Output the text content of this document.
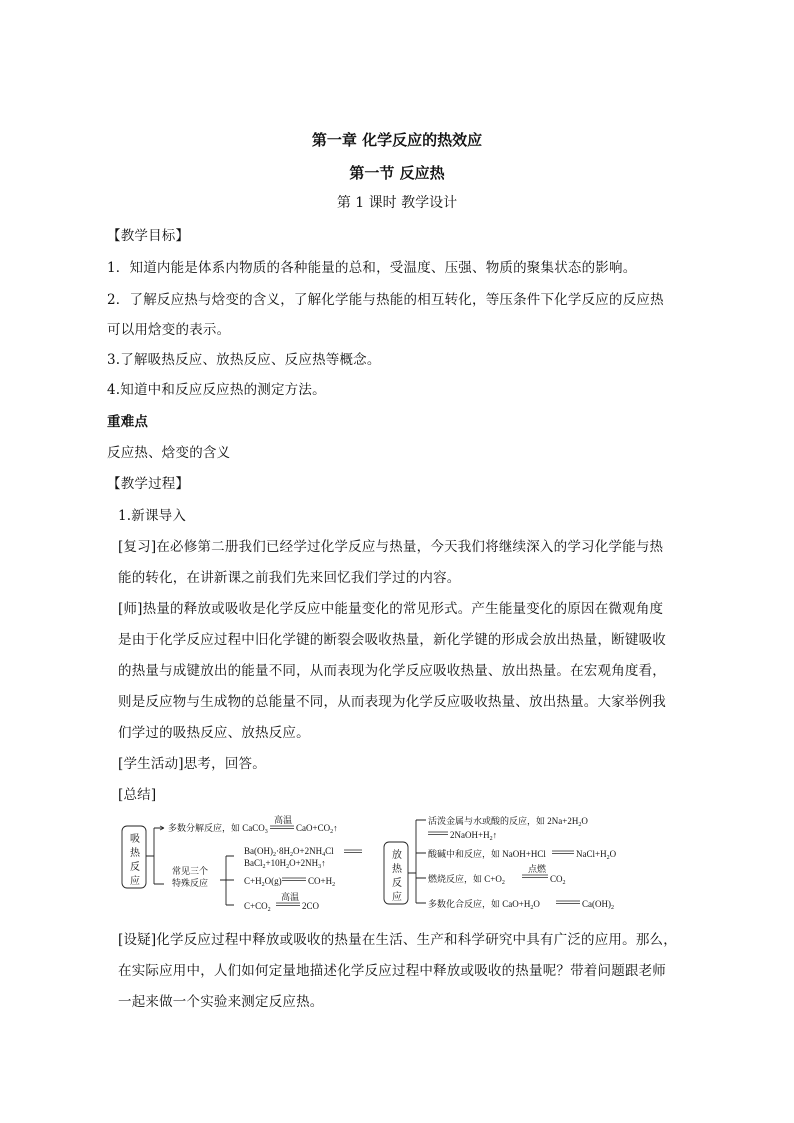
第一章 化学反应的热效应
第一节 反应热
第 1 课时 教学设计
【教学目标】
1．知道内能是体系内物质的各种能量的总和，受温度、压强、物质的聚集状态的影响。
2．了解反应热与焓变的含义，了解化学能与热能的相互转化，等压条件下化学反应的反应热
可以用焓变的表示。
3.了解吸热反应、放热反应、反应热等概念。
4.知道中和反应反应热的测定方法。
重难点
反应热、焓变的含义
【教学过程】
1.新课导入
[复习]在必修第二册我们已经学过化学反应与热量，今天我们将继续深入的学习化学能与热
能的转化，在讲新课之前我们先来回忆我们学过的内容。
[师]热量的释放或吸收是化学反应中能量变化的常见形式。产生能量变化的原因在微观角度
是由于化学反应过程中旧化学键的断裂会吸收热量，新化学键的形成会放出热量，断键吸收
的热量与成键放出的能量不同，从而表现为化学反应吸收热量、放出热量。在宏观角度看，
则是反应物与生成物的总能量不同，从而表现为化学反应吸收热量、放出热量。大家举例我
们学过的吸热反应、放热反应。
[学生活动]思考，回答。
[总结]
吸
热
反
应
多数分解反应，如 CaCO$_3$
高温
$CaO+CO_2↑$
常见三个
特殊反应
$Ba(OH)_2\cdot 8H_2O+2NH_4Cl$
$BaCl_2+10H_2O+2NH_3↑$
$C+H_2O(g)$	$CO+H_2$
$C+CO_2$
高温
2CO
放
热
反
应
活泼金属与水或酸的反应，如 $2Na+2H_2O$
$2NaOH+H_2↑$
酸碱中和反应，如 NaOH+HCl	$NaCl+H_2O$
燃烧反应，如 $C+O_2$
点燃
$CO_2$
多数化合反应，如 $CaO+H_2O$	$Ca(OH)_2$
[设疑]化学反应过程中释放或吸收的热量在生活、生产和科学研究中具有广泛的应用。那么，
在实际应用中，人们如何定量地描述化学反应过程中释放或吸收的热量呢？带着问题跟老师
一起来做一个实验来测定反应热。
